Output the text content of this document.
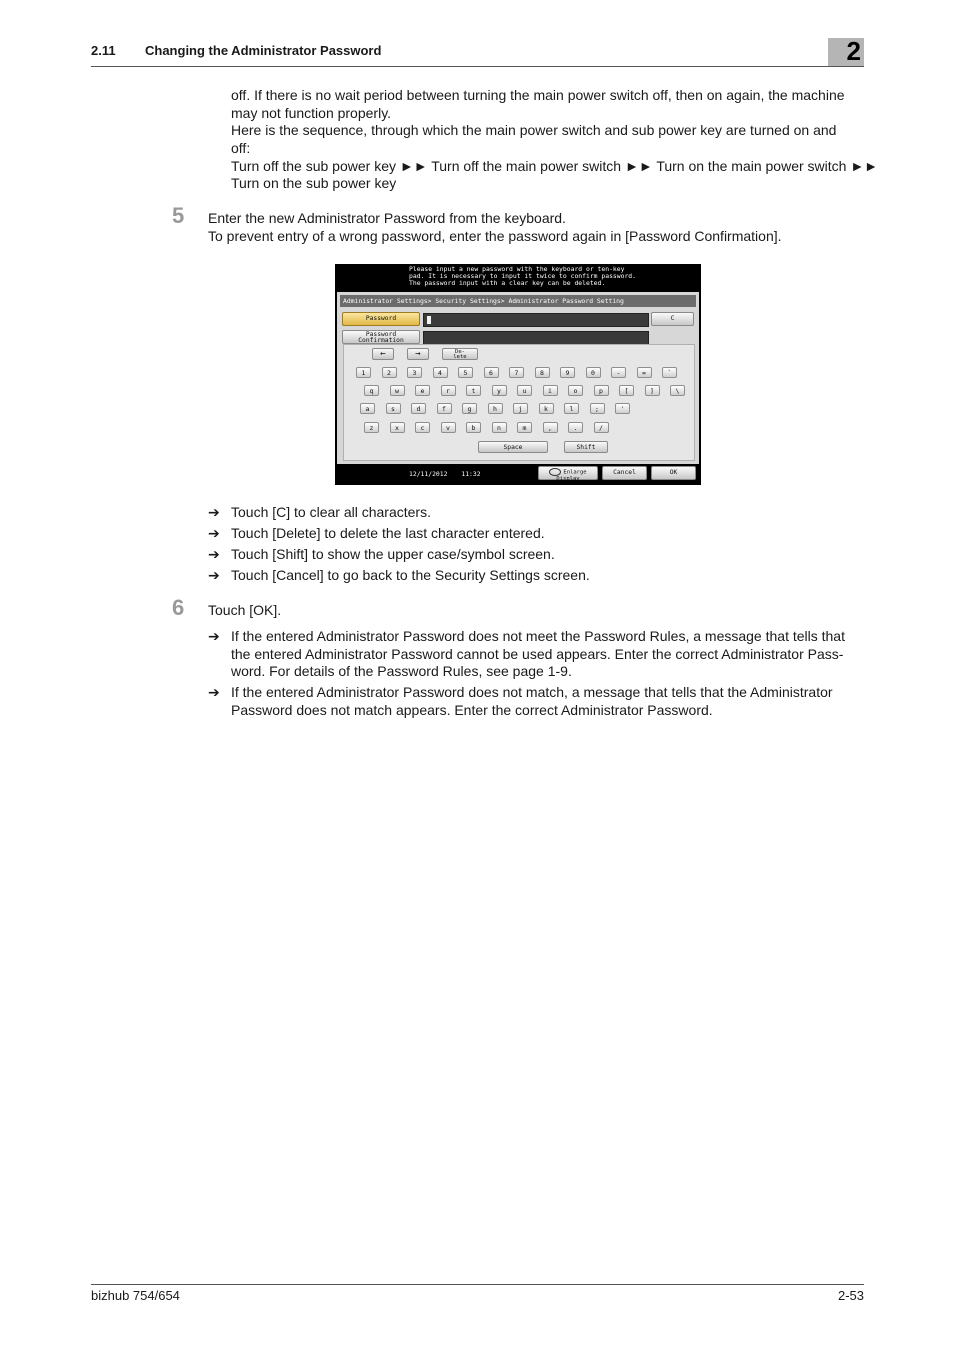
2.11 Changing the Administrator Password	2

off. If there is no wait period between turning the main power switch off, then on again, the machine

may not function properly.

Here is the sequence, through which the main power switch and sub power key are turned on and

off:

Turn off the sub power key ►► Turn off the main power switch ►► Turn on the main power switch ►►

Turn on the sub power key

5 Enter the new Administrator Password from the keyboard.

To prevent entry of a wrong password, enter the password again in [Password Confirmation].

Please input a new password with the keyboard or ten-key
pad. It is necessary to input it twice to confirm password.
The password input with a clear key can be deleted.
Administrator Settings> Security Settings> Administrator Password Setting
Password	C
Password
Confirmation
←	→	De-
lete
1	2	3	4	5	6	7	8	9	0	-	=	`
q	w	e	r	t	y	u	i	o	p	[	]	\
a	s	d	f	g	h	j	k	l	;	'
z	x	c	v	b	n	m	,	.	/
Space	Shift
12/11/2012 11:32	Enlarge Display
Cancel	OK
➔ Touch [C] to clear all characters.
➔ Touch [Delete] to delete the last character entered.
➔ Touch [Shift] to show the upper case/symbol screen.
➔ Touch [Cancel] to go back to the Security Settings screen.
6 Touch [OK].

➔ If the entered Administrator Password does not meet the Password Rules, a message that tells that
the entered Administrator Password cannot be used appears. Enter the correct Administrator Pass-
word. For details of the Password Rules, see page 1-9.
➔ If the entered Administrator Password does not match, a message that tells that the Administrator
Password does not match appears. Enter the correct Administrator Password.
bizhub 754/654	2-53
